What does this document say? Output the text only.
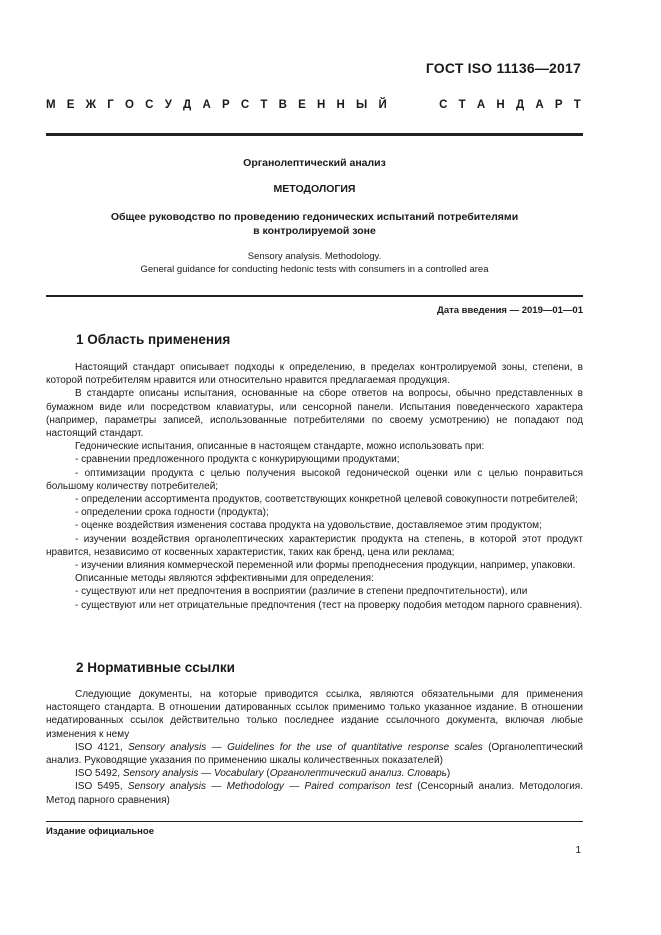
ГОСТ ISO 11136—2017
М Е Ж Г О С У Д А Р С Т В Е Н Н Ы Й	С Т А Н Д А Р Т
Органолептический анализ
МЕТОДОЛОГИЯ
Общее руководство по проведению гедонических испытаний потребителями
в контролируемой зоне
Sensory analysis. Methodology.
General guidance for conducting hedonic tests with consumers in a controlled area
Дата введения — 2019—01—01
1 Область применения

Настоящий стандарт описывает подходы к определению, в пределах контролируемой зоны, степени, в которой потребителям нравится или относительно нравится предлагаемая продукция.

В стандарте описаны испытания, основанные на сборе ответов на вопросы, обычно представленных в бумажном виде или посредством клавиатуры, или сенсорной панели. Испытания поведенческого характера (например, параметры записей, использованные потребителями по своему усмотрению) не попадают под настоящий стандарт.

Гедонические испытания, описанные в настоящем стандарте, можно использовать при:

- сравнении предложенного продукта с конкурирующими продуктами;

- оптимизации продукта с целью получения высокой гедонической оценки или с целью понравиться большому количеству потребителей;

- определении ассортимента продуктов, соответствующих конкретной целевой совокупности потребителей;

- определении срока годности (продукта);

- оценке воздействия изменения состава продукта на удовольствие, доставляемое этим продуктом;

- изучении воздействия органолептических характеристик продукта на степень, в которой этот продукт нравится, независимо от косвенных характеристик, таких как бренд, цена или реклама;

- изучении влияния коммерческой переменной или формы преподнесения продукции, например, упаковки.

Описанные методы являются эффективными для определения:

- существуют или нет предпочтения в восприятии (различие в степени предпочтительности), или

- существуют или нет отрицательные предпочтения (тест на проверку подобия методом парного сравнения).

2 Нормативные ссылки

Следующие документы, на которые приводится ссылка, являются обязательными для применения настоящего стандарта. В отношении датированных ссылок применимо только указанное издание. В отношении недатированных ссылок действительно только последнее издание ссылочного документа, включая любые изменения к нему

ISO 4121, Sensory analysis — Guidelines for the use of quantitative response scales (Органолептический анализ. Руководящие указания по применению шкалы количественных показателей)

ISO 5492, Sensory analysis — Vocabulary (Органолептический анализ. Словарь)

ISO 5495, Sensory analysis — Methodology — Paired comparison test (Сенсорный анализ. Методология. Метод парного сравнения)

Издание официальное
1
